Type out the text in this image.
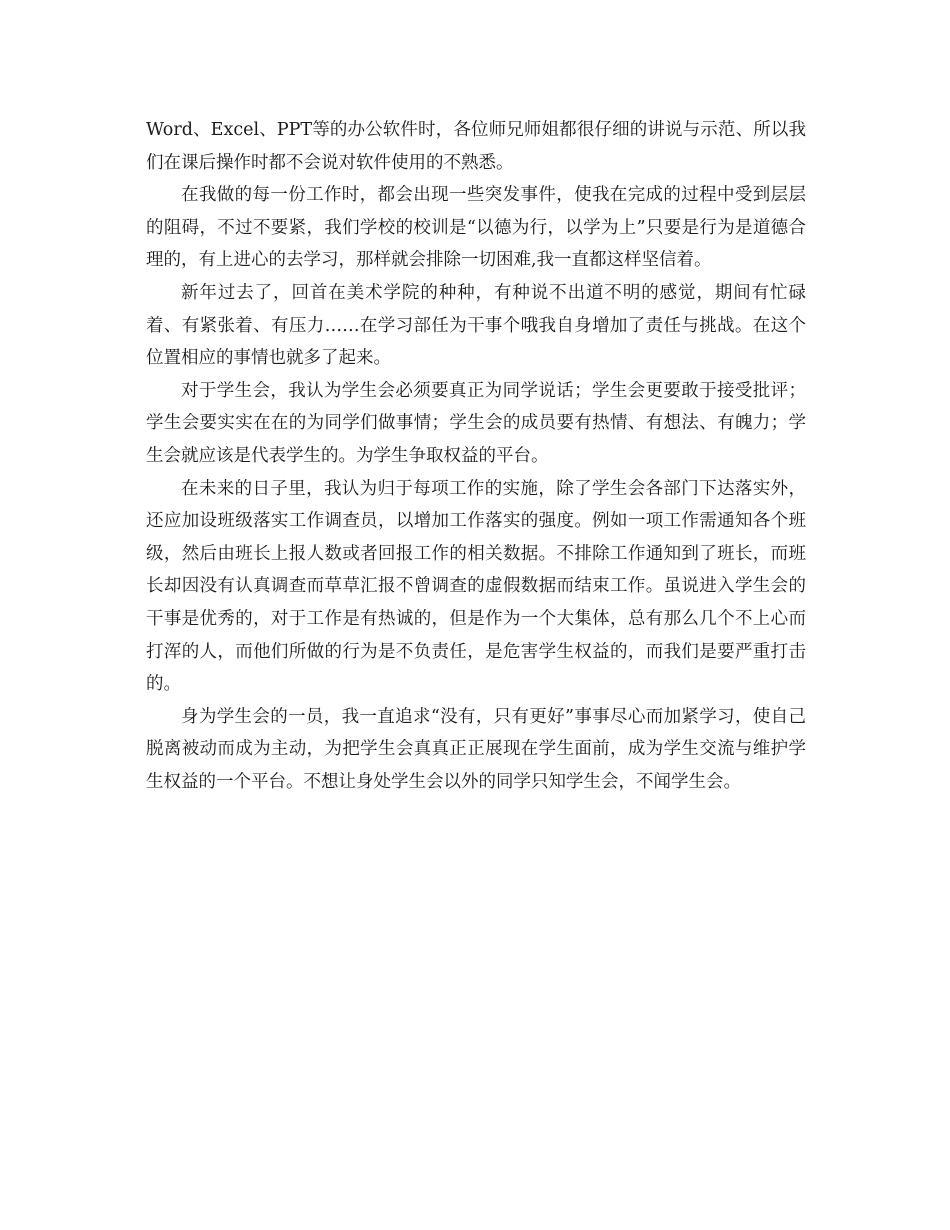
Word、Excel、PPT等的办公软件时，各位师兄师姐都很仔细的讲说与示范、所以我们在课后操作时都不会说对软件使用的不熟悉。

在我做的每一份工作时，都会出现一些突发事件，使我在完成的过程中受到层层的阻碍，不过不要紧，我们学校的校训是“以德为行，以学为上”只要是行为是道德合理的，有上进心的去学习，那样就会排除一切困难,我一直都这样坚信着。

新年过去了，回首在美术学院的种种，有种说不出道不明的感觉，期间有忙碌着、有紧张着、有压力……在学习部任为干事个哦我自身增加了责任与挑战。在这个位置相应的事情也就多了起来。

对于学生会，我认为学生会必须要真正为同学说话；学生会更要敢于接受批评；学生会要实实在在的为同学们做事情；学生会的成员要有热情、有想法、有魄力；学生会就应该是代表学生的。为学生争取权益的平台。

在未来的日子里，我认为归于每项工作的实施，除了学生会各部门下达落实外，还应加设班级落实工作调查员，以增加工作落实的强度。例如一项工作需通知各个班级，然后由班长上报人数或者回报工作的相关数据。不排除工作通知到了班长，而班长却因没有认真调查而草草汇报不曾调查的虚假数据而结束工作。虽说进入学生会的干事是优秀的，对于工作是有热诚的，但是作为一个大集体，总有那么几个不上心而打浑的人，而他们所做的行为是不负责任，是危害学生权益的，而我们是要严重打击的。

身为学生会的一员，我一直追求“没有，只有更好”事事尽心而加紧学习，使自己脱离被动而成为主动，为把学生会真真正正展现在学生面前，成为学生交流与维护学生权益的一个平台。不想让身处学生会以外的同学只知学生会，不闻学生会。
